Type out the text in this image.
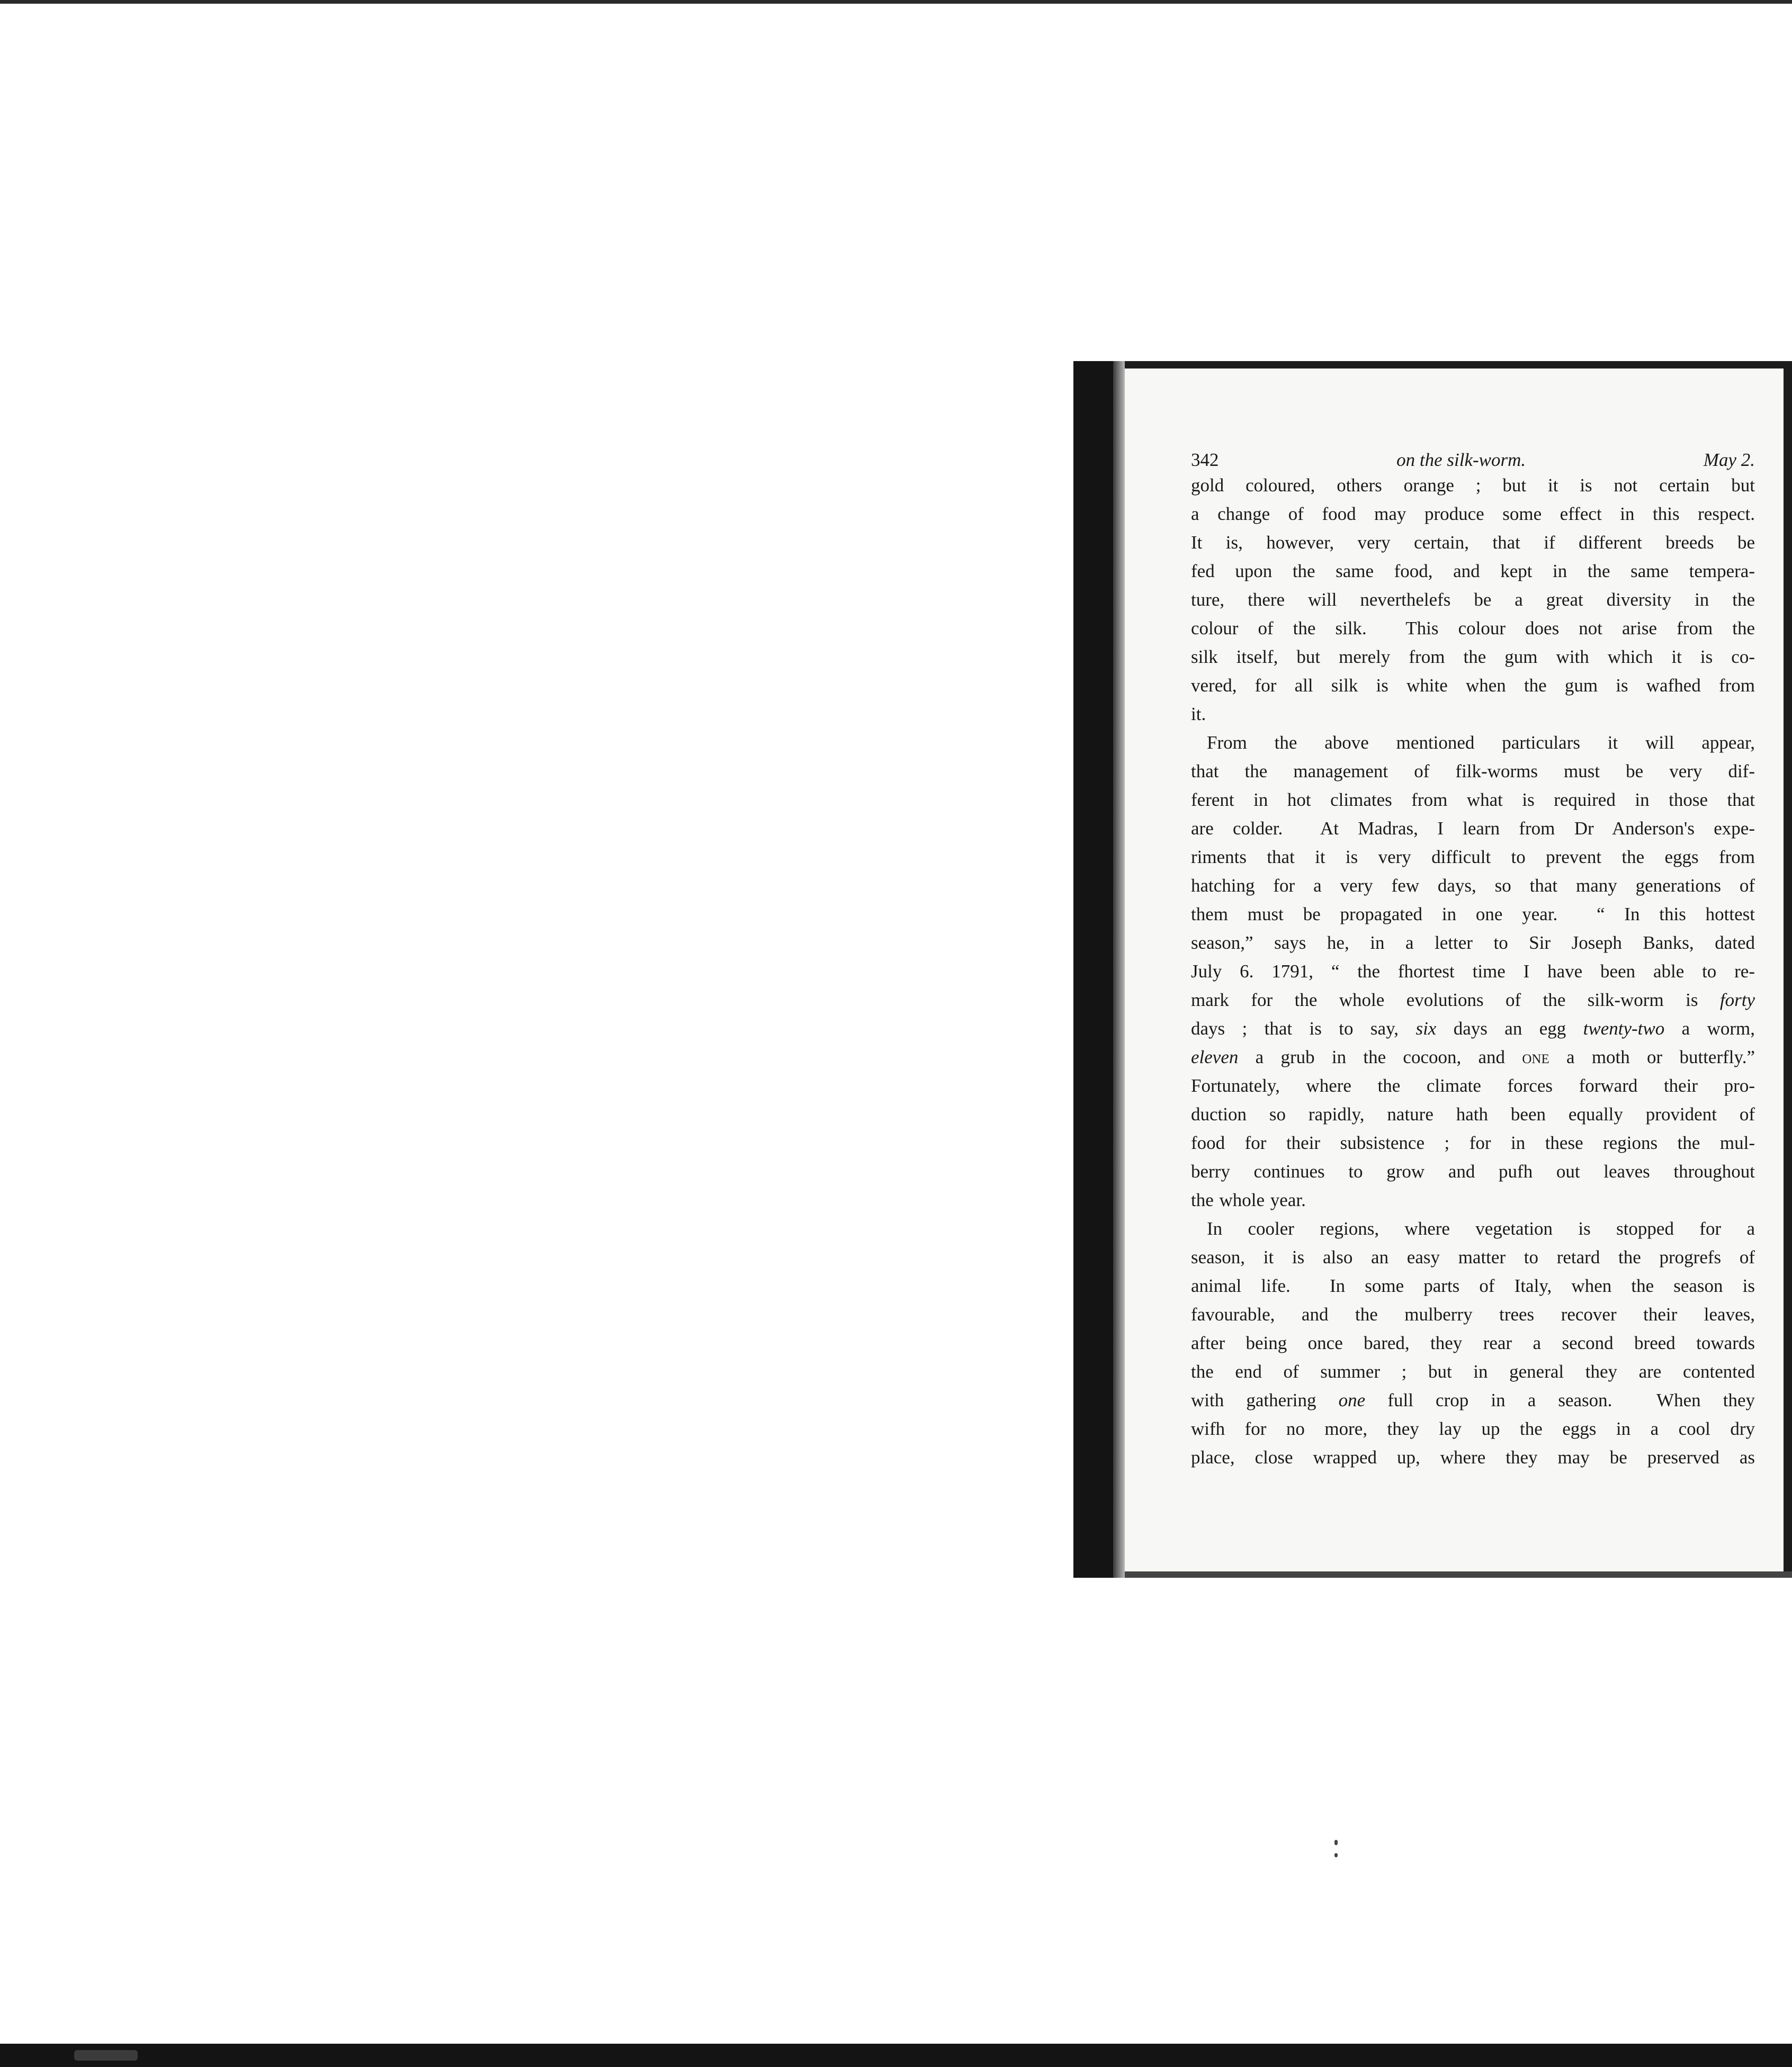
342	on the silk-worm.	May 2.
gold coloured, others orange ; but it is not certain but
a change of food may produce some effect in this respect.
It is, however, very certain, that if different breeds be
fed upon the same food, and kept in the same tempera-
ture, there will neverthelefs be a great diversity in the
colour of the silk.  This colour does not arise from the
silk itself, but merely from the gum with which it is co-
vered, for all silk is white when the gum is wafhed from
it.
From the above mentioned particulars it will appear,
that the management of filk-worms must be very dif-
ferent in hot climates from what is required in those that
are colder.  At Madras, I learn from Dr Anderson's expe-
riments that it is very difficult to prevent the eggs from
hatching for a very few days, so that many generations of
them must be propagated in one year.  “ In this hottest
season,” says he, in a letter to Sir Joseph Banks, dated
July 6. 1791, “ the fhortest time I have been able to re-
mark for the whole evolutions of the silk-worm is forty
days ; that is to say, six days an egg twenty-two a worm,
eleven a grub in the cocoon, and one a moth or butterfly.”
Fortunately, where the climate forces forward their pro-
duction so rapidly, nature hath been equally provident of
food for their subsistence ; for in these regions the mul-
berry continues to grow and pufh out leaves throughout
the whole year.
In cooler regions, where vegetation is stopped for a
season, it is also an easy matter to retard the progrefs of
animal life.  In some parts of Italy, when the season is
favourable, and the mulberry trees recover their leaves,
after being once bared, they rear a second breed towards
the end of summer ; but in general they are contented
with gathering one full crop in a season.  When they
wifh for no more, they lay up the eggs in a cool dry
place, close wrapped up, where they may be preserved as
